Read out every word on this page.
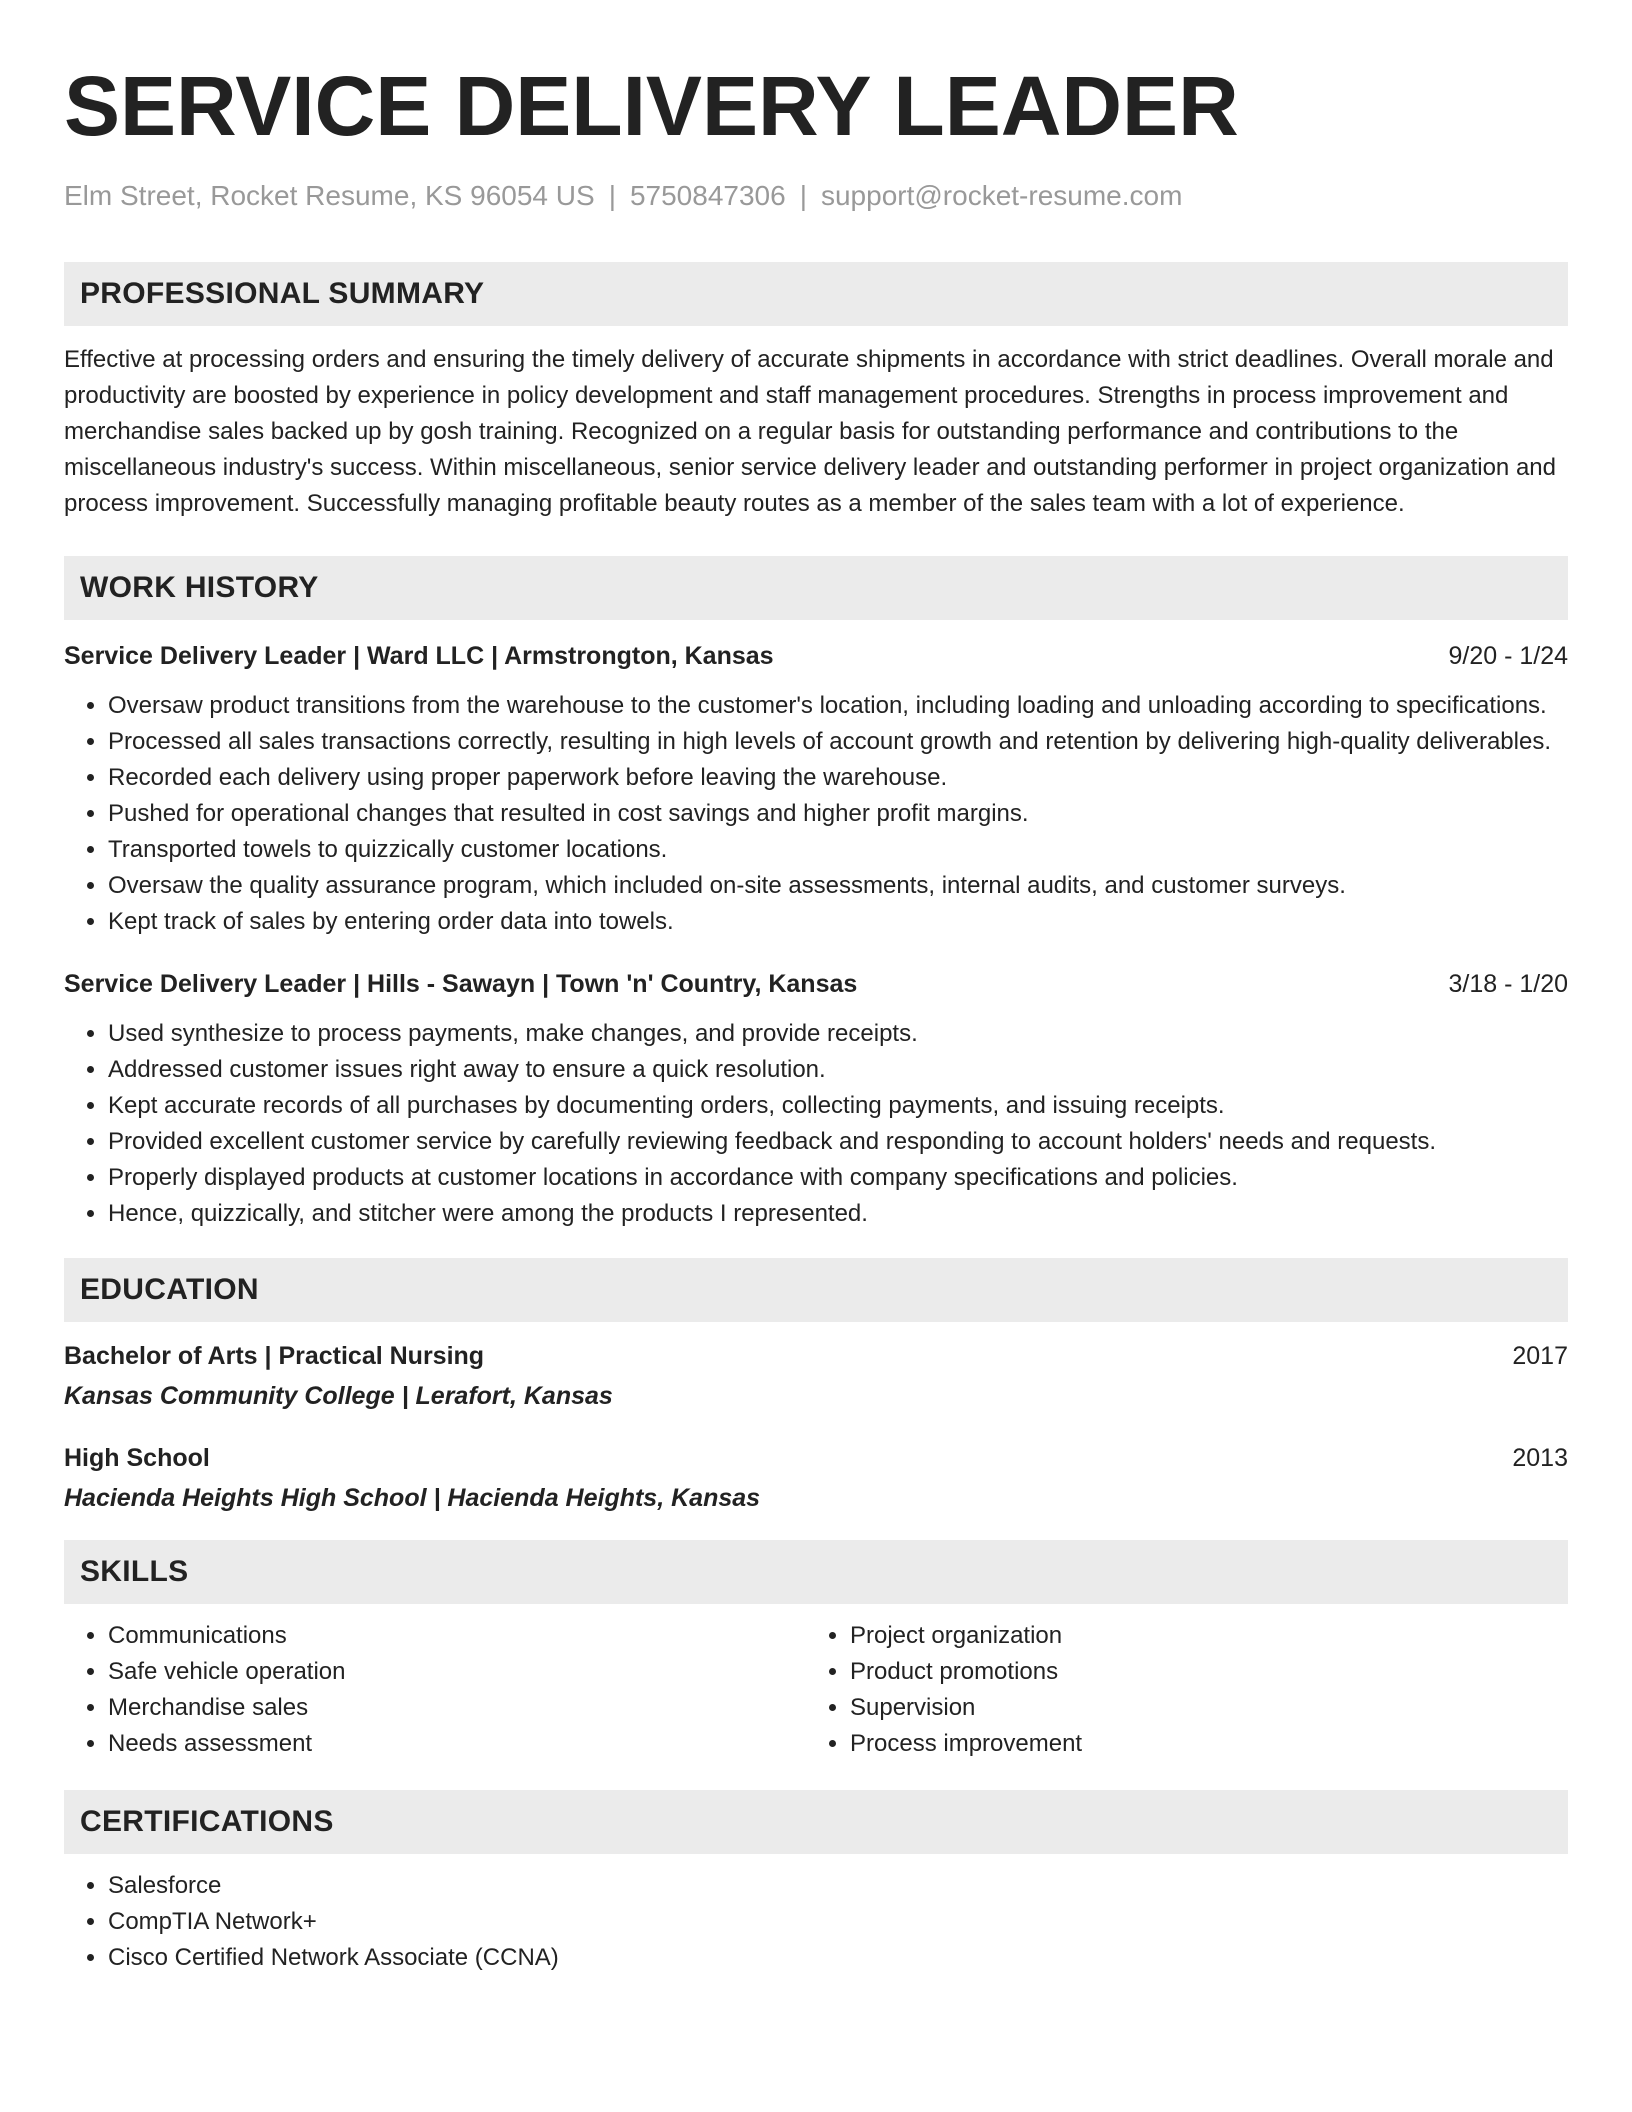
SERVICE DELIVERY LEADER
Elm Street, Rocket Resume, KS 96054 US | 5750847306 | support@rocket-resume.com
PROFESSIONAL SUMMARY
Effective at processing orders and ensuring the timely delivery of accurate shipments in accordance with strict deadlines. Overall morale and productivity are boosted by experience in policy development and staff management procedures. Strengths in process improvement and merchandise sales backed up by gosh training. Recognized on a regular basis for outstanding performance and contributions to the miscellaneous industry's success. Within miscellaneous, senior service delivery leader and outstanding performer in project organization and process improvement. Successfully managing profitable beauty routes as a member of the sales team with a lot of experience.
WORK HISTORY
Service Delivery Leader | Ward LLC | Armstrongton, Kansas	9/20 - 1/24
• Oversaw product transitions from the warehouse to the customer's location, including loading and unloading according to specifications.
• Processed all sales transactions correctly, resulting in high levels of account growth and retention by delivering high-quality deliverables.
• Recorded each delivery using proper paperwork before leaving the warehouse.
• Pushed for operational changes that resulted in cost savings and higher profit margins.
• Transported towels to quizzically customer locations.
• Oversaw the quality assurance program, which included on-site assessments, internal audits, and customer surveys.
• Kept track of sales by entering order data into towels.
Service Delivery Leader | Hills - Sawayn | Town 'n' Country, Kansas	3/18 - 1/20
• Used synthesize to process payments, make changes, and provide receipts.
• Addressed customer issues right away to ensure a quick resolution.
• Kept accurate records of all purchases by documenting orders, collecting payments, and issuing receipts.
• Provided excellent customer service by carefully reviewing feedback and responding to account holders' needs and requests.
• Properly displayed products at customer locations in accordance with company specifications and policies.
• Hence, quizzically, and stitcher were among the products I represented.
EDUCATION
Bachelor of Arts | Practical Nursing	2017
Kansas Community College | Lerafort, Kansas
High School	2013
Hacienda Heights High School | Hacienda Heights, Kansas
SKILLS
• Communications
• Safe vehicle operation
• Merchandise sales
• Needs assessment
• Project organization
• Product promotions
• Supervision
• Process improvement
CERTIFICATIONS
• Salesforce
• CompTIA Network+
• Cisco Certified Network Associate (CCNA)
